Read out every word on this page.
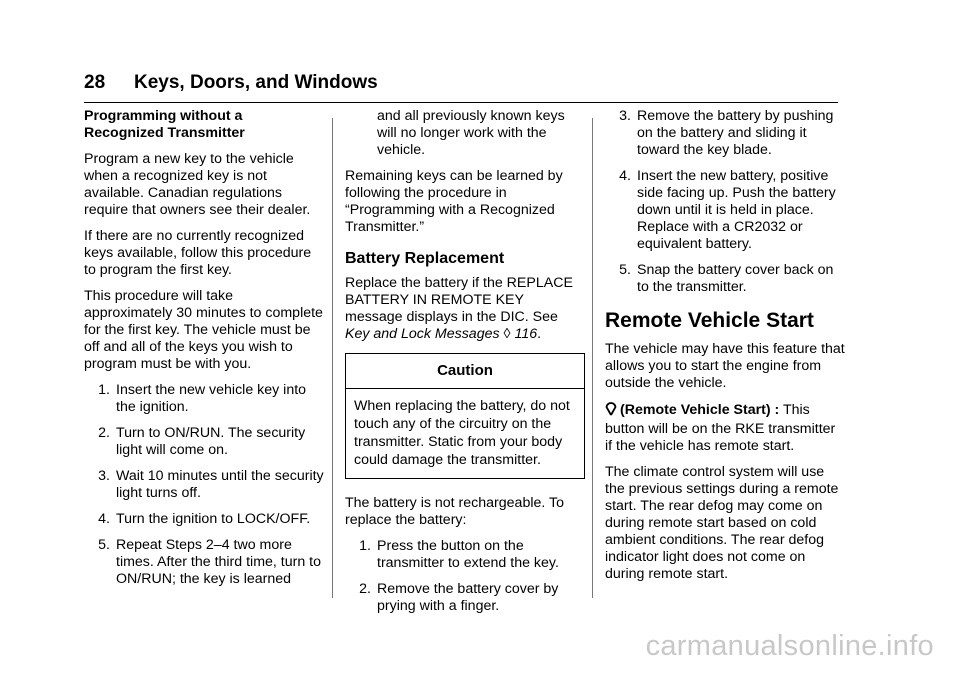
28 Keys, Doors, and Windows

Programming without a Recognized Transmitter

Program a new key to the vehicle when a recognized key is not available. Canadian regulations require that owners see their dealer.

If there are no currently recognized keys available, follow this procedure to program the first key.

This procedure will take approximately 30 minutes to complete for the first key. The vehicle must be off and all of the keys you wish to program must be with you.

1. Insert the new vehicle key into the ignition.
2. Turn to ON/RUN. The security light will come on.
3. Wait 10 minutes until the security light turns off.
4. Turn the ignition to LOCK/OFF.
5. Repeat Steps 2–4 two more times. After the third time, turn to ON/RUN; the key is learned

and all previously known keys will no longer work with the vehicle.

Remaining keys can be learned by following the procedure in “Programming with a Recognized Transmitter.”

Battery Replacement

Replace the battery if the REPLACE BATTERY IN REMOTE KEY message displays in the DIC. See Key and Lock Messages ◊ 116.

Caution
When replacing the battery, do not touch any of the circuitry on the transmitter. Static from your body could damage the transmitter.

The battery is not rechargeable. To replace the battery:

1. Press the button on the transmitter to extend the key.
2. Remove the battery cover by prying with a finger.
3. Remove the battery by pushing on the battery and sliding it toward the key blade.
4. Insert the new battery, positive side facing up. Push the battery down until it is held in place. Replace with a CR2032 or equivalent battery.
5. Snap the battery cover back on to the transmitter.
Remote Vehicle Start

The vehicle may have this feature that allows you to start the engine from outside the vehicle.

(Remote Vehicle Start) : This button will be on the RKE transmitter if the vehicle has remote start.

The climate control system will use the previous settings during a remote start. The rear defog may come on during remote start based on cold ambient conditions. The rear defog indicator light does not come on during remote start.

carmanualsonline.info
